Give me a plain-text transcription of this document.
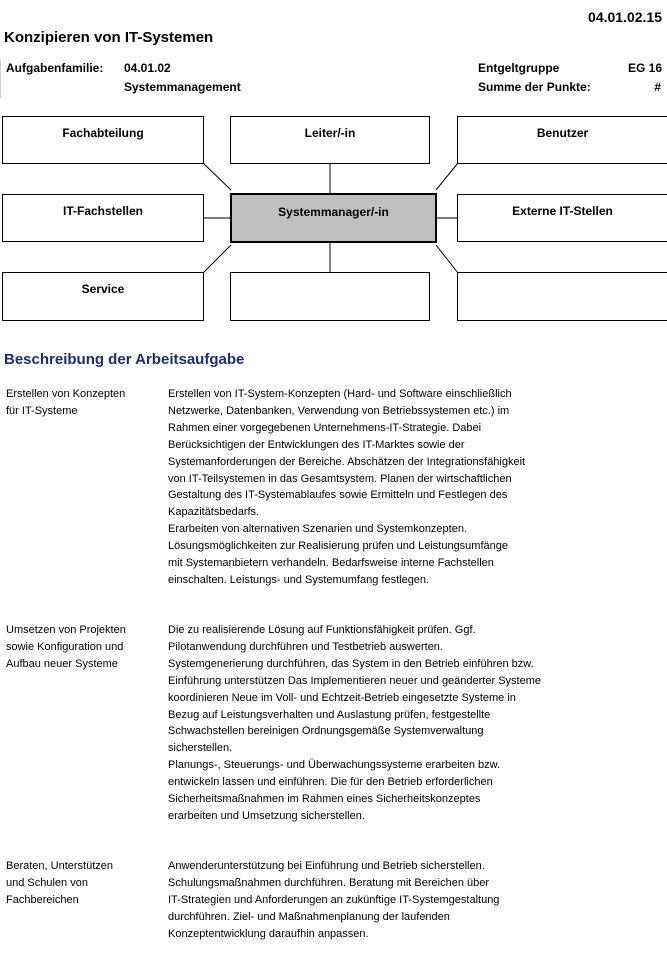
04.01.02.15
Konzipieren von IT-Systemen
Aufgabenfamilie: 04.01.02
Systemmanagement
Entgeltgruppe	EG 16
Summe der Punkte:	#
Fachabteilung	Leiter/-in	Benutzer
IT-Fachstellen	Systemmanager/-in	Externe IT-Stellen
Service
Beschreibung der Arbeitsaufgabe
Erstellen von Konzepten
für IT-Systeme

Erstellen von IT-System-Konzepten (Hard- und Software einschließlich

Netzwerke, Datenbanken, Verwendung von Betriebssystemen etc.) im

Rahmen einer vorgegebenen Unternehmens-IT-Strategie. Dabei

Berücksichtigen der Entwicklungen des IT-Marktes sowie der

Systemanforderungen der Bereiche. Abschätzen der Integrationsfähigkeit

von IT-Teilsystemen in das Gesamtsystem. Planen der wirtschaftlichen

Gestaltung des IT-Systemablaufes sowie Ermitteln und Festlegen des

Kapazitätsbedarfs.

Erarbeiten von alternativen Szenarien und Systemkonzepten.

Lösungsmöglichkeiten zur Realisierung prüfen und Leistungsumfänge

mit Systemanbietern verhandeln. Bedarfsweise interne Fachstellen

einschalten. Leistungs- und Systemumfang festlegen.

Umsetzen von Projekten
sowie Konfiguration und
Aufbau neuer Systeme

Die zu realisierende Lösung auf Funktionsfähigkeit prüfen. Ggf.

Pilotanwendung durchführen und Testbetrieb auswerten.

Systemgenerierung durchführen, das System in den Betrieb einführen bzw.

Einführung unterstützen Das Implementieren neuer und geänderter Systeme

koordinieren Neue im Voll- und Echtzeit-Betrieb eingesetzte Systeme in

Bezug auf Leistungsverhalten und Auslastung prüfen, festgestellte

Schwachstellen bereinigen Ordnungsgemäße Systemverwaltung

sicherstellen.

Planungs-, Steuerungs- und Überwachungssysteme erarbeiten bzw.

entwickeln lassen und einführen. Die für den Betrieb erforderlichen

Sicherheitsmaßnahmen im Rahmen eines Sicherheitskonzeptes

erarbeiten und Umsetzung sicherstellen.

Beraten, Unterstützen
und Schulen von
Fachbereichen

Anwenderunterstützung bei Einführung und Betrieb sicherstellen.

Schulungsmaßnahmen durchführen. Beratung mit Bereichen über

IT-Strategien und Anforderungen an zukünftige IT-Systemgestaltung

durchführen. Ziel- und Maßnahmenplanung der laufenden

Konzeptentwicklung daraufhin anpassen.
